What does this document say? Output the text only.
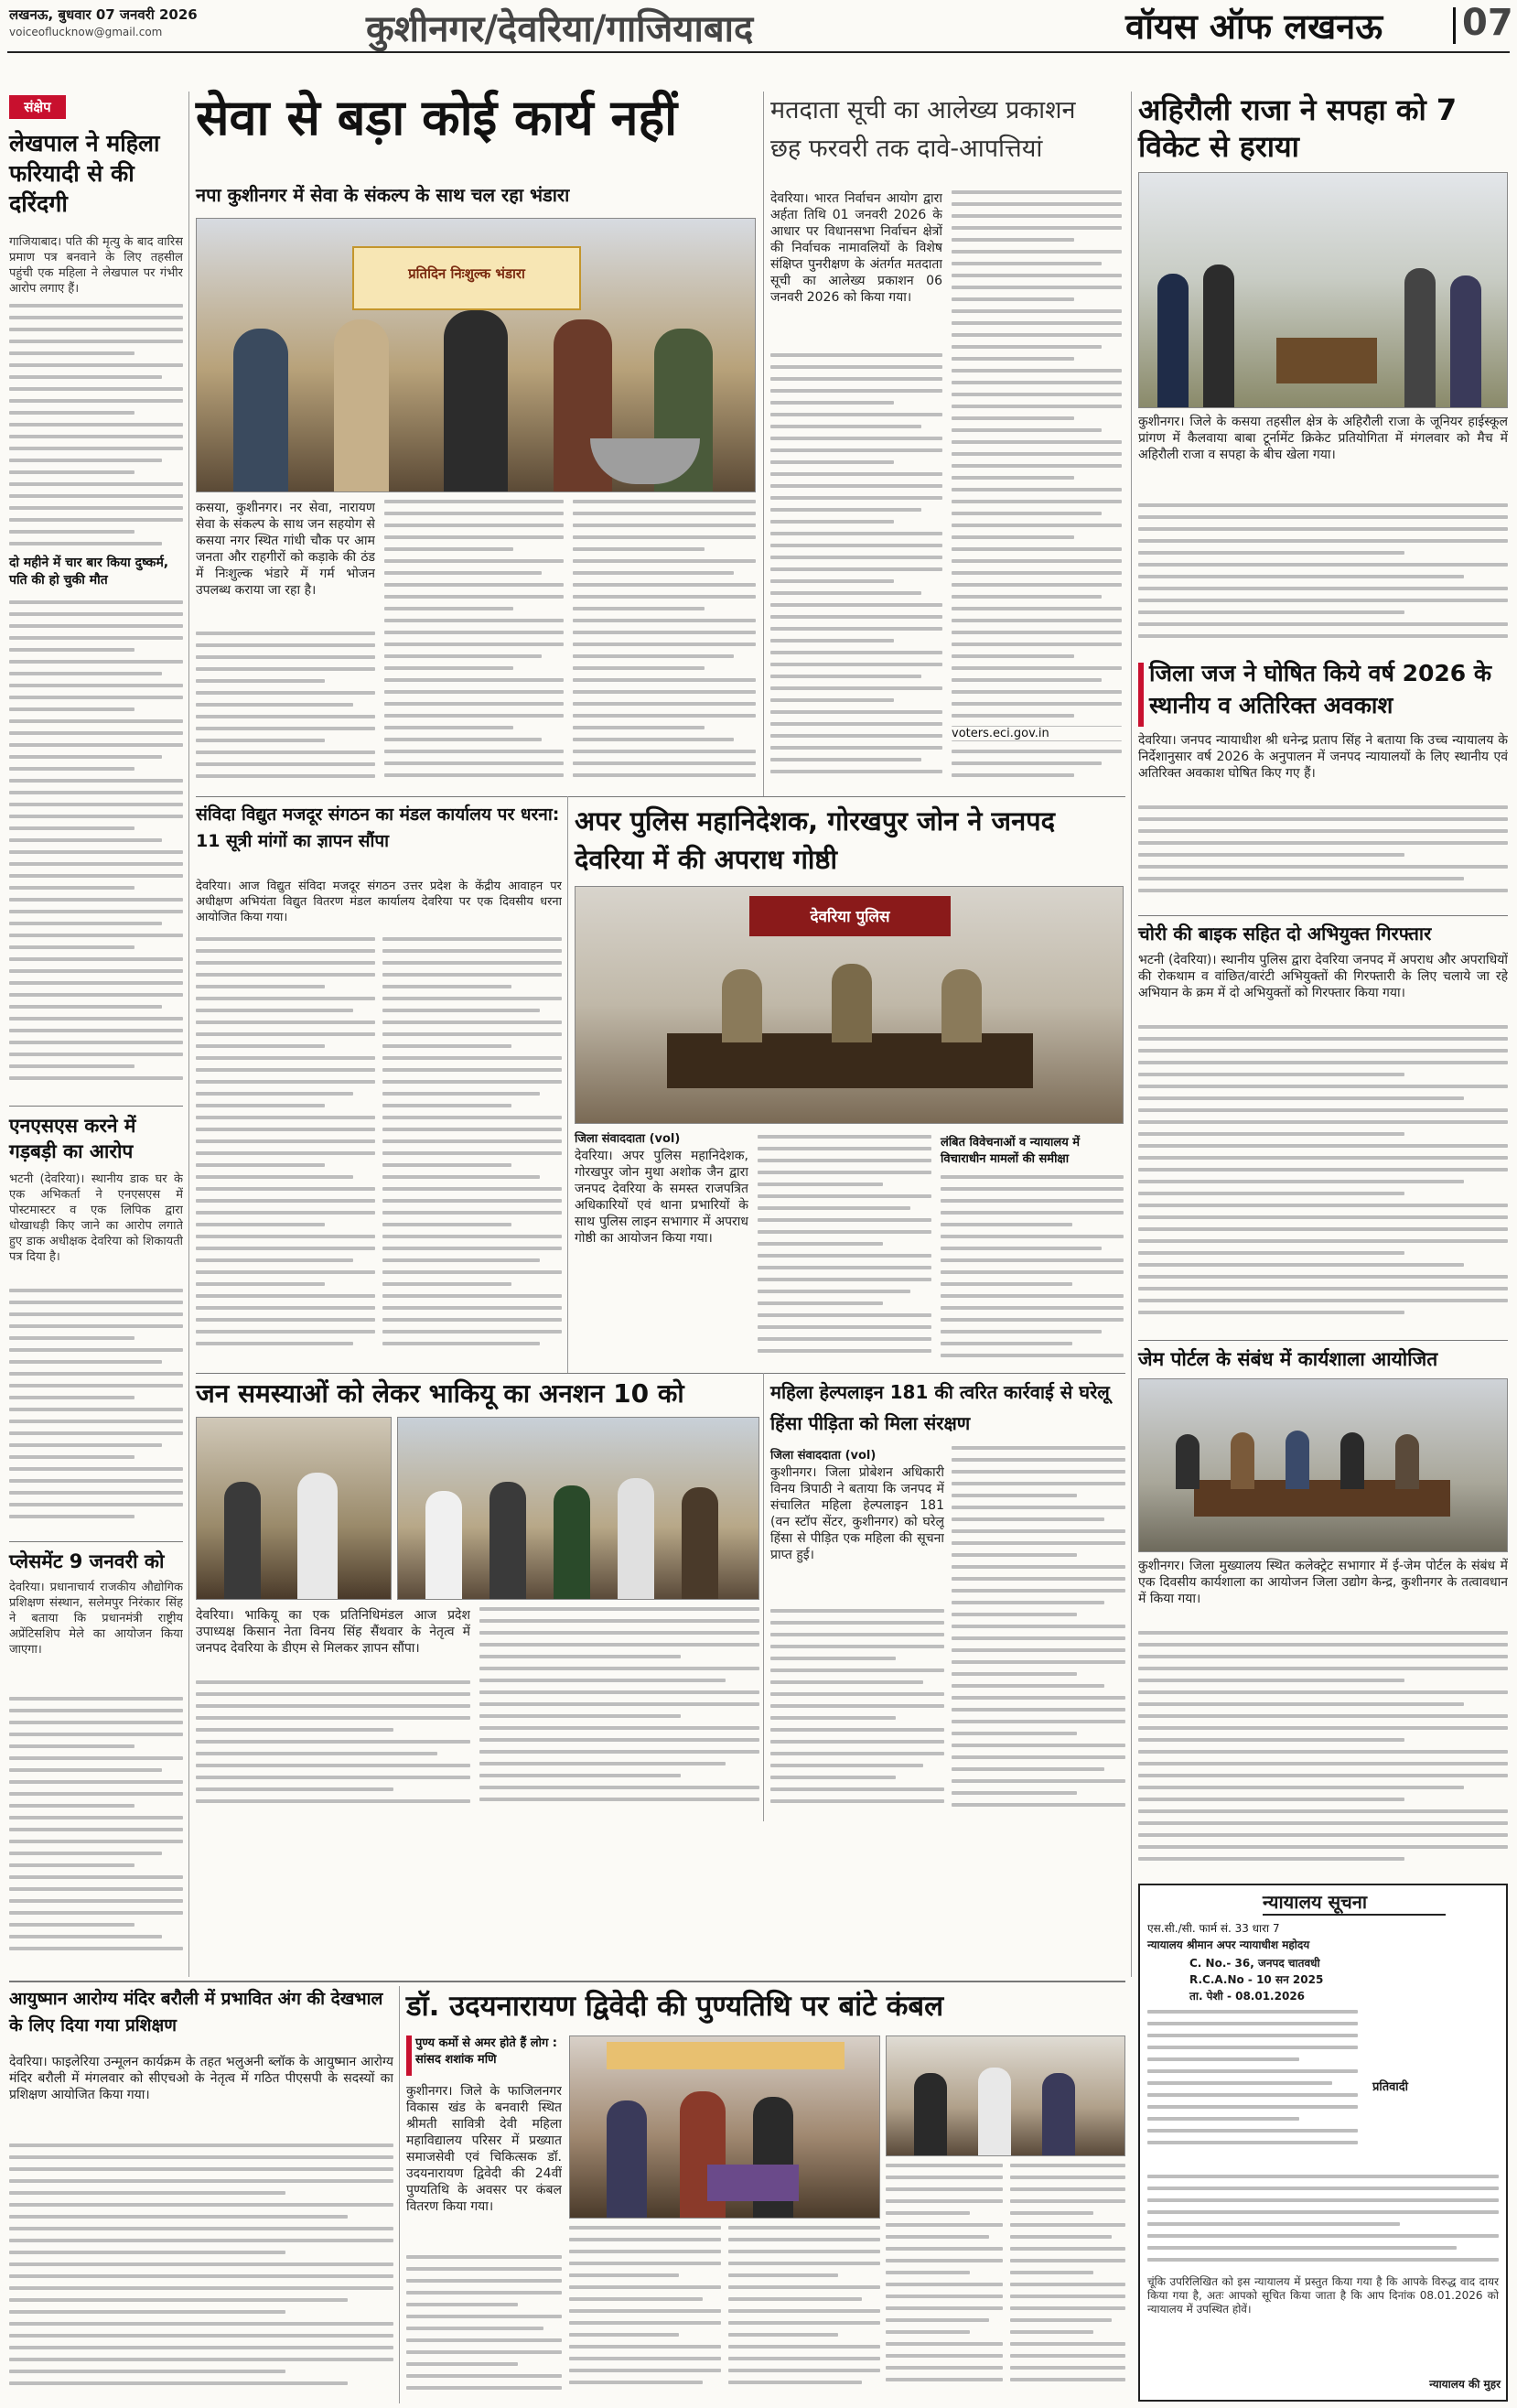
लखनऊ, बुधवार 07 जनवरी 2026
voiceoflucknow@gmail.com	कुशीनगर/देवरिया/गाजियाबाद	वॉयस ऑफ लखनऊ 07
संक्षेप
लेखपाल ने महिला फरियादी से की दरिंदगी
गाजियाबाद। पति की मृत्यु के बाद वारिस प्रमाण पत्र बनवाने के लिए तहसील पहुंची एक महिला ने लेखपाल पर गंभीर आरोप लगाए हैं।
दो महीने में चार बार किया दुष्कर्म, पति की हो चुकी मौत
एनएसएस करने में गड़बड़ी का आरोप
भटनी (देवरिया)। स्थानीय डाक घर के एक अभिकर्ता ने एनएसएस में पोस्टमास्टर व एक लिपिक द्वारा धोखाधड़ी किए जाने का आरोप लगाते हुए डाक अधीक्षक देवरिया को शिकायती पत्र दिया है।
प्लेसमेंट 9 जनवरी को
देवरिया। प्रधानाचार्य राजकीय औद्योगिक प्रशिक्षण संस्थान, सलेमपुर निरंकार सिंह ने बताया कि प्रधानमंत्री राष्ट्रीय अप्रेंटिसशिप मेले का आयोजन किया जाएगा।
सेवा से बड़ा कोई कार्य नहीं
नपा कुशीनगर में सेवा के संकल्प के साथ चल रहा भंडारा
प्रतिदिन निःशुल्क भंडारा
कसया, कुशीनगर। नर सेवा, नारायण सेवा के संकल्प के साथ जन सहयोग से कसया नगर स्थित गांधी चौक पर आम जनता और राहगीरों को कड़ाके की ठंड में निःशुल्क भंडारे में गर्म भोजन उपलब्ध कराया जा रहा है।
मतदाता सूची का आलेख्य प्रकाशन
छह फरवरी तक दावे-आपत्तियां
देवरिया। भारत निर्वाचन आयोग द्वारा अर्हता तिथि 01 जनवरी 2026 के आधार पर विधानसभा निर्वाचन क्षेत्रों की निर्वाचक नामावलियों के विशेष संक्षिप्त पुनरीक्षण के अंतर्गत मतदाता सूची का आलेख्य प्रकाशन 06 जनवरी 2026 को किया गया।
voters.eci.gov.in
अहिरौली राजा ने सपहा को 7 विकेट से हराया
कुशीनगर। जिले के कसया तहसील क्षेत्र के अहिरौली राजा के जूनियर हाईस्कूल प्रांगण में कैलवाया बाबा टूर्नामेंट क्रिकेट प्रतियोगिता में मंगलवार को मैच में अहिरौली राजा व सपहा के बीच खेला गया।
जिला जज ने घोषित किये वर्ष 2026 के स्थानीय व अतिरिक्त अवकाश
देवरिया। जनपद न्यायाधीश श्री धनेन्द्र प्रताप सिंह ने बताया कि उच्च न्यायालय के निर्देशानुसार वर्ष 2026 के अनुपालन में जनपद न्यायालयों के लिए स्थानीय एवं अतिरिक्त अवकाश घोषित किए गए हैं।
चोरी की बाइक सहित दो अभियुक्त गिरफ्तार
भटनी (देवरिया)। स्थानीय पुलिस द्वारा देवरिया जनपद में अपराध और अपराधियों की रोकथाम व वांछित/वारंटी अभियुक्तों की गिरफ्तारी के लिए चलाये जा रहे अभियान के क्रम में दो अभियुक्तों को गिरफ्तार किया गया।
जेम पोर्टल के संबंध में कार्यशाला आयोजित
कुशीनगर। जिला मुख्यालय स्थित कलेक्ट्रेट सभागार में ई-जेम पोर्टल के संबंध में एक दिवसीय कार्यशाला का आयोजन जिला उद्योग केन्द्र, कुशीनगर के तत्वावधान में किया गया।
संविदा विद्युत मजदूर संगठन का मंडल कार्यालय पर धरना: 11 सूत्री मांगों का ज्ञापन सौंपा
देवरिया। आज विद्युत संविदा मजदूर संगठन उत्तर प्रदेश के केंद्रीय आवाहन पर अधीक्षण अभियंता विद्युत वितरण मंडल कार्यालय देवरिया पर एक दिवसीय धरना आयोजित किया गया।
अपर पुलिस महानिदेशक, गोरखपुर जोन ने जनपद देवरिया में की अपराध गोष्ठी
देवरिया पुलिस
जिला संवाददाता (vol)
देवरिया। अपर पुलिस महानिदेशक, गोरखपुर जोन मुथा अशोक जैन द्वारा जनपद देवरिया के समस्त राजपत्रित अधिकारियों एवं थाना प्रभारियों के साथ पुलिस लाइन सभागार में अपराध गोष्ठी का आयोजन किया गया।
लंबित विवेचनाओं व न्यायालय में विचाराधीन मामलों की समीक्षा
जन समस्याओं को लेकर भाकियू का अनशन 10 को
देवरिया। भाकियू का एक प्रतिनिधिमंडल आज प्रदेश उपाध्यक्ष किसान नेता विनय सिंह सैंथवार के नेतृत्व में जनपद देवरिया के डीएम से मिलकर ज्ञापन सौंपा।
महिला हेल्पलाइन 181 की त्वरित कार्रवाई से घरेलू हिंसा पीड़िता को मिला संरक्षण
जिला संवाददाता (vol)
कुशीनगर। जिला प्रोबेशन अधिकारी विनय त्रिपाठी ने बताया कि जनपद में संचालित महिला हेल्पलाइन 181 (वन स्टॉप सेंटर, कुशीनगर) को घरेलू हिंसा से पीड़ित एक महिला की सूचना प्राप्त हुई।
आयुष्मान आरोग्य मंदिर बरौली में प्रभावित अंग की देखभाल के लिए दिया गया प्रशिक्षण
देवरिया। फाइलेरिया उन्मूलन कार्यक्रम के तहत भलुअनी ब्लॉक के आयुष्मान आरोग्य मंदिर बरौली में मंगलवार को सीएचओ के नेतृत्व में गठित पीएसपी के सदस्यों का प्रशिक्षण आयोजित किया गया।
डॉ. उदयनारायण द्विवेदी की पुण्यतिथि पर बांटे कंबल
पुण्य कर्मो से अमर होते हैं लोग : सांसद शशांक मणि
कुशीनगर। जिले के फाजिलनगर विकास खंड के बनवारी स्थित श्रीमती सावित्री देवी महिला महाविद्यालय परिसर में प्रख्यात समाजसेवी एवं चिकित्सक डॉ. उदयनारायण द्विवेदी की 24वीं पुण्यतिथि के अवसर पर कंबल वितरण किया गया।
न्यायालय सूचना
एस.सी./सी. फार्म सं. 33 धारा 7
न्यायालय श्रीमान अपर न्यायाधीश महोदय
C. No.- 36, जनपद चातवधी
R.C.A.No - 10 सन 2025
ता. पेशी - 08.01.2026
प्रतिवादी
चूंकि उपरिलिखित को इस न्यायालय में प्रस्तुत किया गया है कि आपके विरुद्ध वाद दायर किया गया है, अतः आपको सूचित किया जाता है कि आप दिनांक 08.01.2026 को न्यायालय में उपस्थित होवें।
न्यायालय की मुहर
